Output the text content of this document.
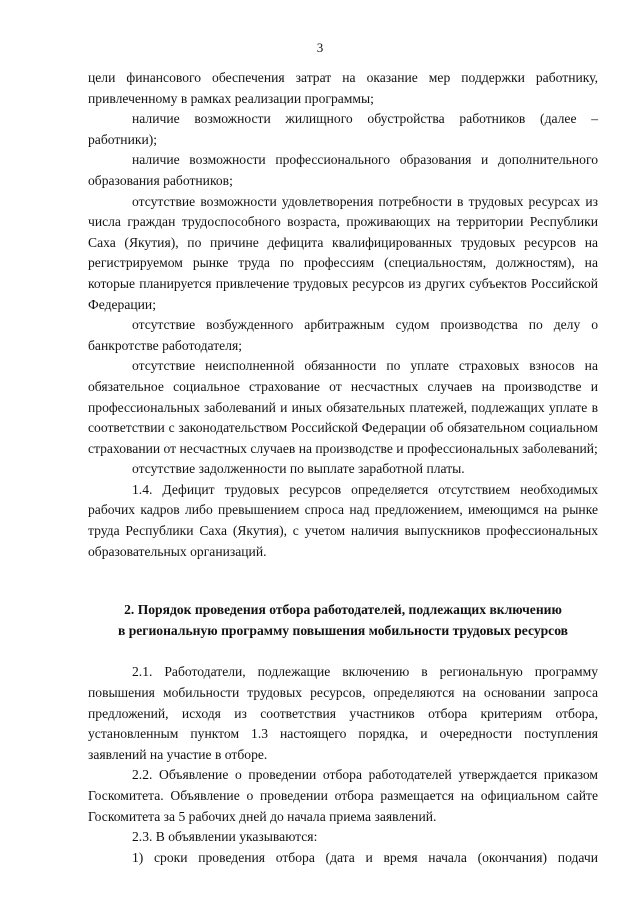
3

цели финансового обеспечения затрат на оказание мер поддержки работнику, привлеченному в рамках реализации программы;

наличие возможности жилищного обустройства работников (далее – работники);

наличие возможности профессионального образования и дополнительного образования работников;

отсутствие возможности удовлетворения потребности в трудовых ресурсах из числа граждан трудоспособного возраста, проживающих на территории Республики Саха (Якутия), по причине дефицита квалифицированных трудовых ресурсов на регистрируемом рынке труда по профессиям (специальностям, должностям), на которые планируется привлечение трудовых ресурсов из других субъектов Российской Федерации;

отсутствие возбужденного арбитражным судом производства по делу о банкротстве работодателя;

отсутствие неисполненной обязанности по уплате страховых взносов на обязательное социальное страхование от несчастных случаев на производстве и профессиональных заболеваний и иных обязательных платежей, подлежащих уплате в соответствии с законодательством Российской Федерации об обязательном социальном страховании от несчастных случаев на производстве и профессиональных заболеваний;

отсутствие задолженности по выплате заработной платы.

1.4. Дефицит трудовых ресурсов определяется отсутствием необходимых рабочих кадров либо превышением спроса над предложением, имеющимся на рынке труда Республики Саха (Якутия), с учетом наличия выпускников профессиональных образовательных организаций.

2. Порядок проведения отбора работодателей, подлежащих включению
в региональную программу повышения мобильности трудовых ресурсов

2.1. Работодатели, подлежащие включению в региональную программу повышения мобильности трудовых ресурсов, определяются на основании запроса предложений, исходя из соответствия участников отбора критериям отбора, установленным пунктом 1.3 настоящего порядка, и очередности поступления заявлений на участие в отборе.

2.2. Объявление о проведении отбора работодателей утверждается приказом Госкомитета. Объявление о проведении отбора размещается на официальном сайте Госкомитета за 5 рабочих дней до начала приема заявлений.

2.3. В объявлении указываются:

1) сроки проведения отбора (дата и время начала (окончания) подачи
